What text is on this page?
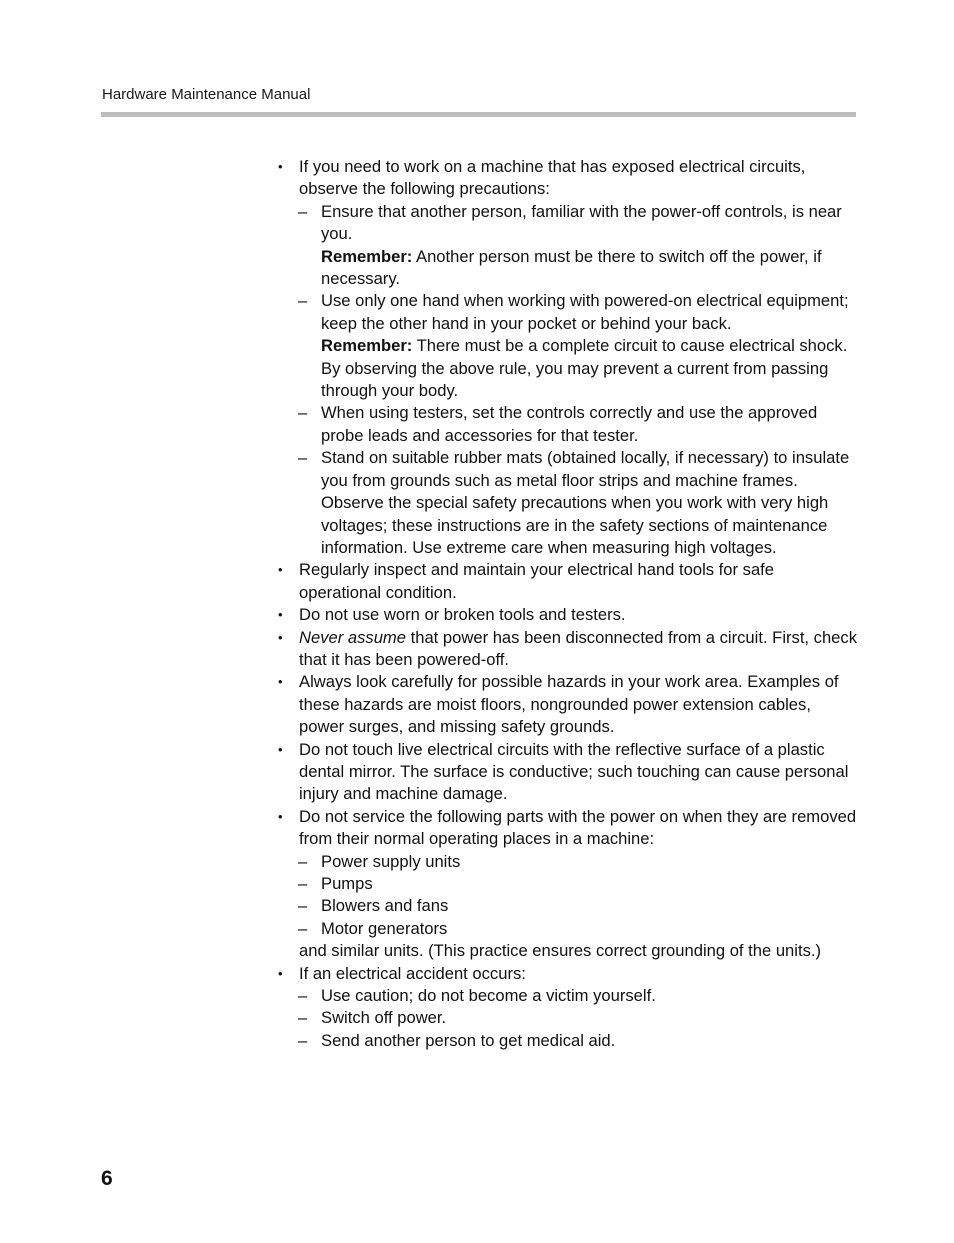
Hardware Maintenance Manual
• If you need to work on a machine that has exposed electrical circuits, observe the following precautions:
– Ensure that another person, familiar with the power-off controls, is near you.
Remember: Another person must be there to switch off the power, if necessary.
– Use only one hand when working with powered-on electrical equipment; keep the other hand in your pocket or behind your back.
Remember: There must be a complete circuit to cause electrical shock. By observing the above rule, you may prevent a current from passing through your body.
– When using testers, set the controls correctly and use the approved probe leads and accessories for that tester.
– Stand on suitable rubber mats (obtained locally, if necessary) to insulate you from grounds such as metal floor strips and machine frames.
Observe the special safety precautions when you work with very high voltages; these instructions are in the safety sections of maintenance information. Use extreme care when measuring high voltages.
• Regularly inspect and maintain your electrical hand tools for safe operational condition.
• Do not use worn or broken tools and testers.
• Never assume that power has been disconnected from a circuit. First, check that it has been powered-off.
• Always look carefully for possible hazards in your work area. Examples of these hazards are moist floors, nongrounded power extension cables, power surges, and missing safety grounds.
• Do not touch live electrical circuits with the reflective surface of a plastic dental mirror. The surface is conductive; such touching can cause personal injury and machine damage.
• Do not service the following parts with the power on when they are removed from their normal operating places in a machine:
– Power supply units
– Pumps
– Blowers and fans
– Motor generators
and similar units. (This practice ensures correct grounding of the units.)
• If an electrical accident occurs:
– Use caution; do not become a victim yourself.
– Switch off power.
– Send another person to get medical aid.
6
